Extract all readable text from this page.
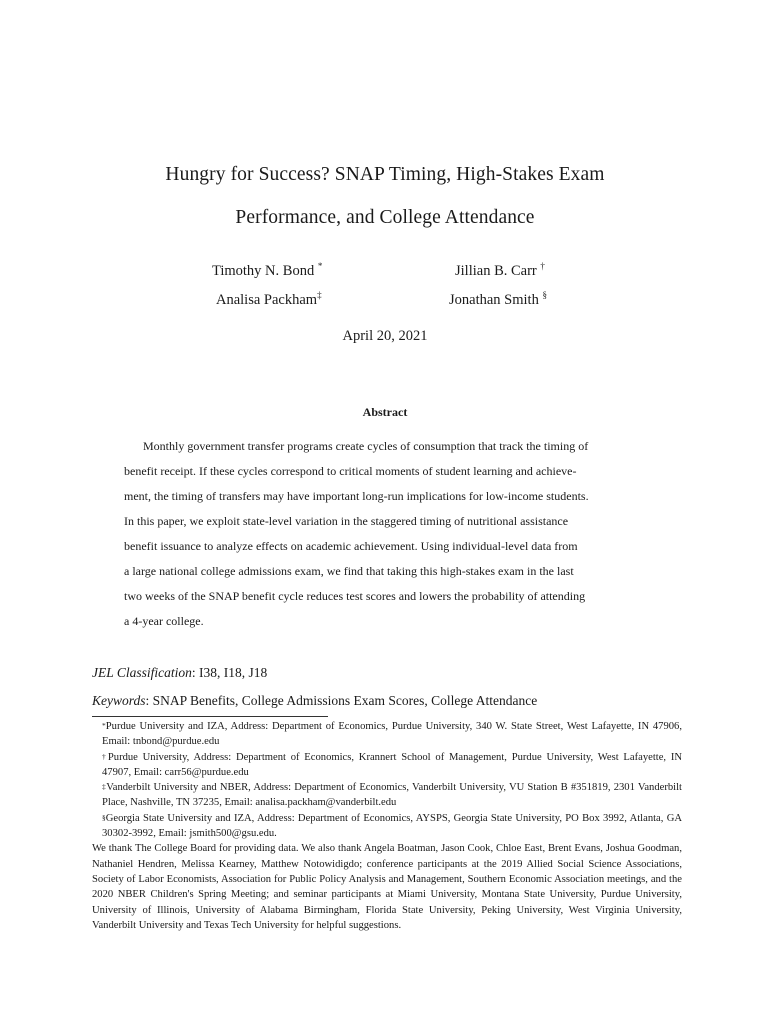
Hungry for Success? SNAP Timing, High-Stakes Exam
Performance, and College Attendance
Timothy N. Bond *	Jillian B. Carr †
Analisa Packham‡	Jonathan Smith §
April 20, 2021
Abstract
Monthly government transfer programs create cycles of consumption that track the timing of
benefit receipt. If these cycles correspond to critical moments of student learning and achieve-
ment, the timing of transfers may have important long-run implications for low-income students.
In this paper, we exploit state-level variation in the staggered timing of nutritional assistance
benefit issuance to analyze effects on academic achievement. Using individual-level data from
a large national college admissions exam, we find that taking this high-stakes exam in the last
two weeks of the SNAP benefit cycle reduces test scores and lowers the probability of attending
a 4-year college.
JEL Classification: I38, I18, J18
Keywords: SNAP Benefits, College Admissions Exam Scores, College Attendance

*Purdue University and IZA, Address: Department of Economics, Purdue University, 340 W. State Street, West Lafayette, IN 47906, Email: tnbond@purdue.edu

†Purdue University, Address: Department of Economics, Krannert School of Management, Purdue University, West Lafayette, IN 47907, Email: carr56@purdue.edu

‡Vanderbilt University and NBER, Address: Department of Economics, Vanderbilt University, VU Station B #351819, 2301 Vanderbilt Place, Nashville, TN 37235, Email: analisa.packham@vanderbilt.edu

§Georgia State University and IZA, Address: Department of Economics, AYSPS, Georgia State University, PO Box 3992, Atlanta, GA 30302-3992, Email: jsmith500@gsu.edu.

We thank The College Board for providing data. We also thank Angela Boatman, Jason Cook, Chloe East, Brent Evans, Joshua Goodman, Nathaniel Hendren, Melissa Kearney, Matthew Notowidigdo; conference participants at the 2019 Allied Social Science Associations, Society of Labor Economists, Association for Public Policy Analysis and Management, Southern Economic Association meetings, and the 2020 NBER Children's Spring Meeting; and seminar participants at Miami University, Montana State University, Purdue University, University of Illinois, University of Alabama Birmingham, Florida State University, Peking University, West Virginia University, Vanderbilt University and Texas Tech University for helpful suggestions.
